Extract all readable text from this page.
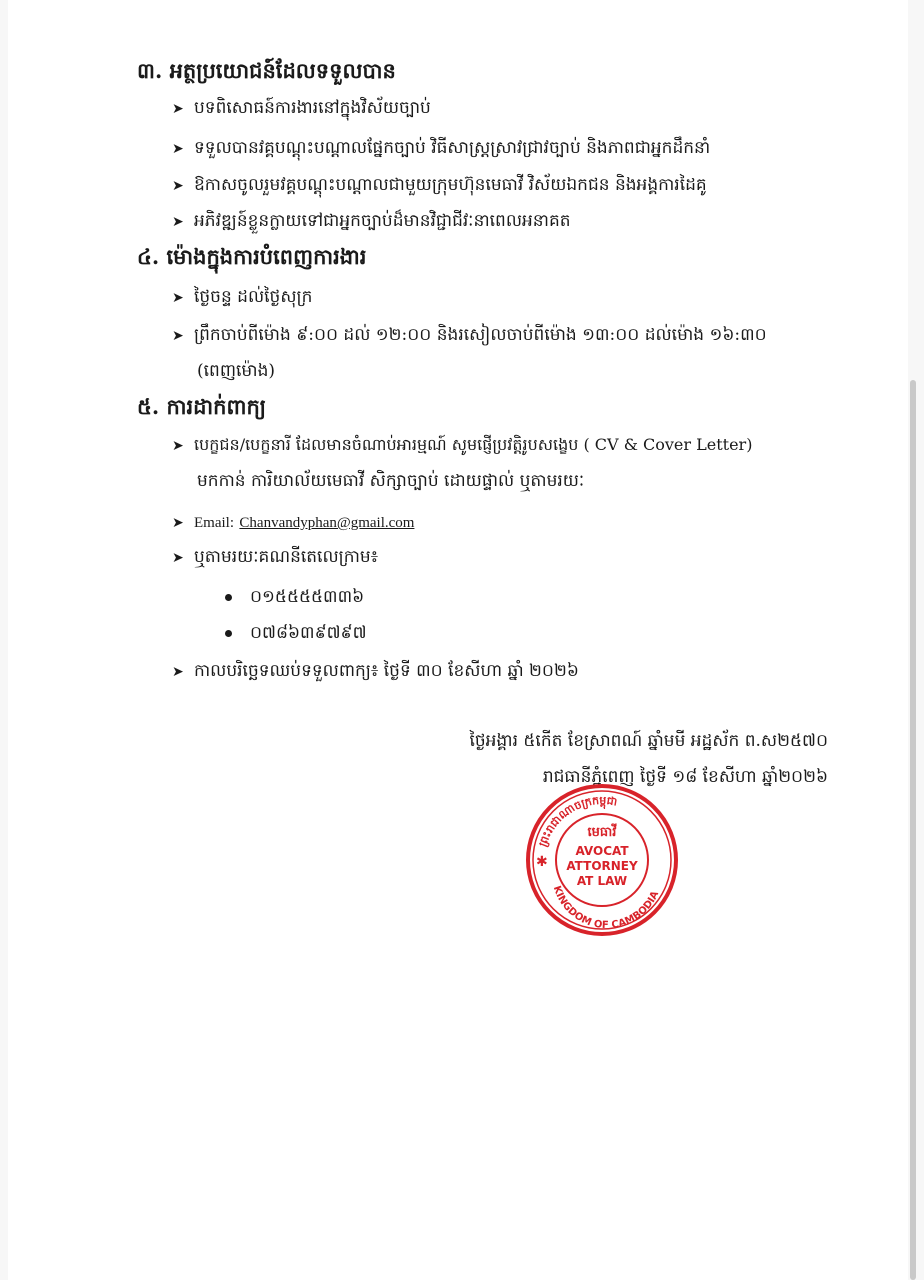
៣. អត្ថប្រយោជន៍ដែលទទួលបាន
➤ បទពិសោធន៍ការងារនៅក្នុងវិស័យច្បាប់
➤ ទទួលបានវគ្គបណ្តុះបណ្តាលផ្នែកច្បាប់ វិធីសាស្ត្រស្រាវជ្រាវច្បាប់ និងភាពជាអ្នកដឹកនាំ
➤ ឱកាសចូលរួមវគ្គបណ្តុះបណ្តាលជាមួយក្រុមហ៊ុនមេធាវី វិស័យឯកជន និងអង្គការដៃគូ
➤ អភិវឌ្ឍន៍ខ្លួនក្លាយទៅជាអ្នកច្បាប់ដ៏មានវិជ្ជាជីវៈនាពេលអនាគត
៤. ម៉ោងក្នុងការបំពេញការងារ
➤ ថ្ងៃចន្ទ ដល់ថ្ងៃសុក្រ
➤ ព្រឹកចាប់ពីម៉ោង ៩:០០ ដល់ ១២:០០ និងរសៀលចាប់ពីម៉ោង ១៣:០០ ដល់ម៉ោង ១៦:៣០
(ពេញម៉ោង)
៥. ការដាក់ពាក្យ
➤ បេក្ខជន/បេក្ខនារី ដែលមានចំណាប់អារម្មណ៍ សូមផ្ញើប្រវត្តិរូបសង្ខេប ( CV & Cover Letter)
មកកាន់ ការិយាល័យមេធាវី សិក្សាច្បាប់ ដោយផ្ទាល់ ឬតាមរយៈ
➤ Email: Chanvandyphan@gmail.com
➤ ឬតាមរយៈគណនីតេលេក្រាម៖
០១៥៥៥៥៣៣៦
០៧៨៦៣៩៧៩៧
➤ កាលបរិច្ឆេទឈប់ទទួលពាក្យ៖ ថ្ងៃទី ៣០ ខែសីហា ឆ្នាំ ២០២៦
ថ្ងៃអង្គារ ៥កើត ខែស្រាពណ៍ ឆ្នាំមមី អដ្ឋស័ក ព.ស២៥៧០
រាជធានីភ្នំពេញ ថ្ងៃទី ១៨ ខែសីហា ឆ្នាំ២០២៦
ព្រះរាជាណាចក្រកម្ពុជា
KINGDOM OF CAMBODIA
មេធាវី
AVOCAT
ATTORNEY
AT LAW
✱
